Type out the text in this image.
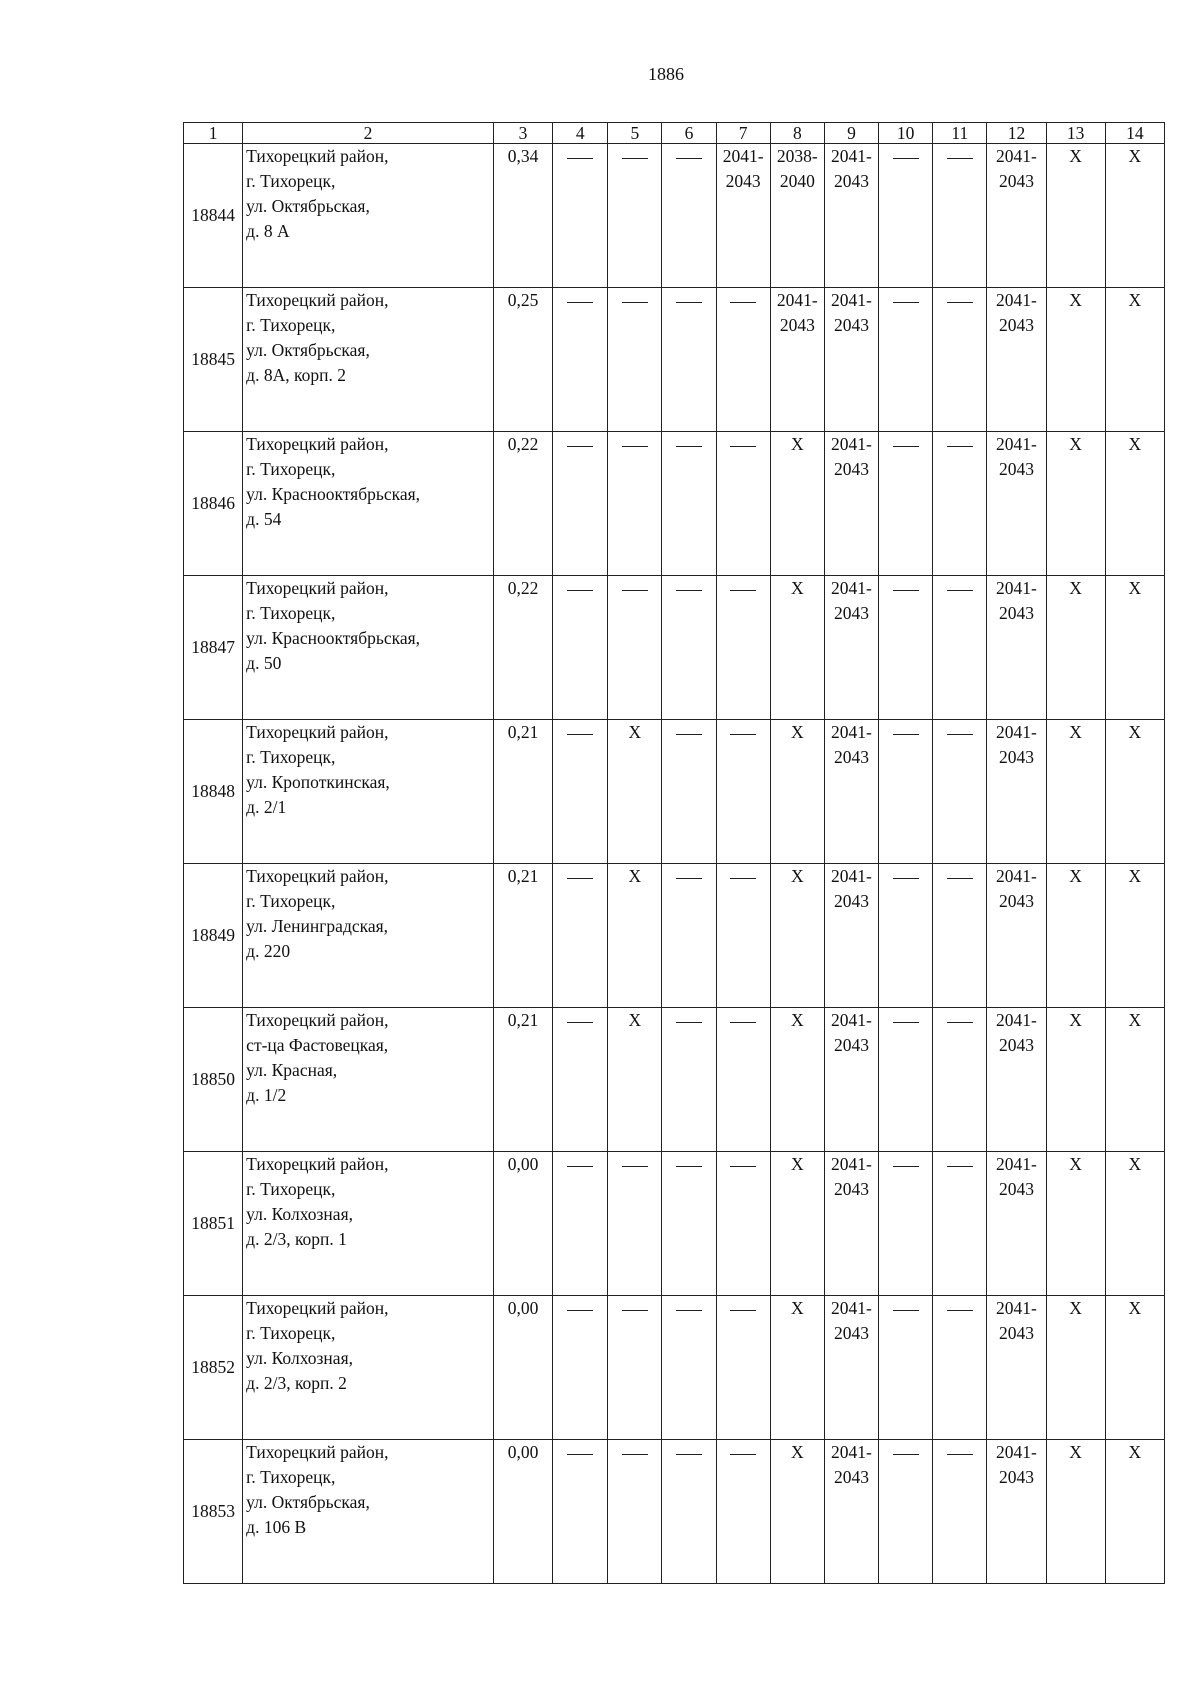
1886
1	2	3	4	5	6	7	8	9	10	11	12	13	14
18844	Тихорецкий район,
г. Тихорецк,
ул. Октябрьская,
д. 8 А	0,34				2041-
2043	2038-
2040	2041-
2043			2041-
2043	X	X
18845	Тихорецкий район,
г. Тихорецк,
ул. Октябрьская,
д. 8А, корп. 2	0,25					2041-
2043	2041-
2043			2041-
2043	X	X
18846	Тихорецкий район,
г. Тихорецк,
ул. Краснооктябрьская,
д. 54	0,22					X	2041-
2043			2041-
2043	X	X
18847	Тихорецкий район,
г. Тихорецк,
ул. Краснооктябрьская,
д. 50	0,22					X	2041-
2043			2041-
2043	X	X
18848	Тихорецкий район,
г. Тихорецк,
ул. Кропоткинская,
д. 2/1	0,21		X			X	2041-
2043			2041-
2043	X	X
18849	Тихорецкий район,
г. Тихорецк,
ул. Ленинградская,
д. 220	0,21		X			X	2041-
2043			2041-
2043	X	X
18850	Тихорецкий район,
ст-ца Фастовецкая,
ул. Красная,
д. 1/2	0,21		X			X	2041-
2043			2041-
2043	X	X
18851	Тихорецкий район,
г. Тихорецк,
ул. Колхозная,
д. 2/3, корп. 1	0,00					X	2041-
2043			2041-
2043	X	X
18852	Тихорецкий район,
г. Тихорецк,
ул. Колхозная,
д. 2/3, корп. 2	0,00					X	2041-
2043			2041-
2043	X	X
18853	Тихорецкий район,
г. Тихорецк,
ул. Октябрьская,
д. 106 В	0,00					X	2041-
2043			2041-
2043	X	X
